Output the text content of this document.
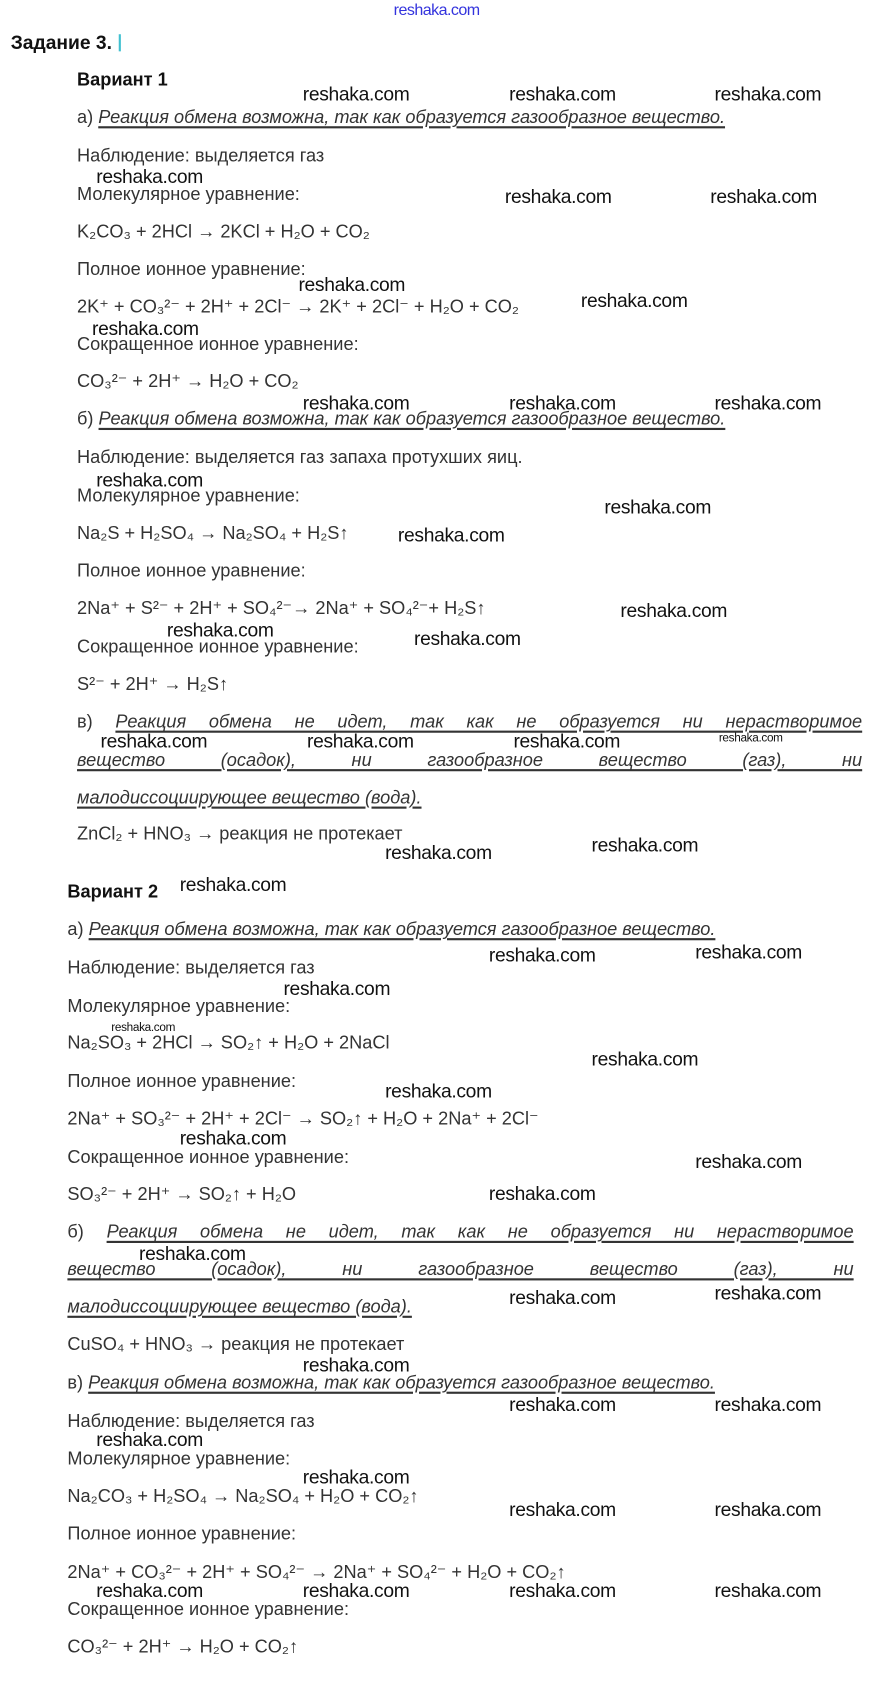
reshaka.com
Задание 3.
Вариант 1
а) Реакция обмена возможна, так как образуется газообразное вещество.
Наблюдение: выделяется газ
Молекулярное уравнение:
K₂CO₃ + 2HCl → 2KCl + H₂O + CO₂
Полное ионное уравнение:
2K⁺ + CO₃²⁻ + 2H⁺ + 2Cl⁻ → 2K⁺ + 2Cl⁻ + H₂O + CO₂
Сокращенное ионное уравнение:
CO₃²⁻ + 2H⁺ → H₂O + CO₂
б) Реакция обмена возможна, так как образуется газообразное вещество.
Наблюдение: выделяется газ запаха протухших яиц.
Молекулярное уравнение:
Na₂S + H₂SO₄ → Na₂SO₄ + H₂S↑
Полное ионное уравнение:
2Na⁺ + S²⁻ + 2H⁺ + SO₄²⁻→ 2Na⁺ + SO₄²⁻+ H₂S↑
Сокращенное ионное уравнение:
S²⁻ + 2H⁺ → H₂S↑
в) Реакция обмена не идет, так как не образуется ни нерастворимое
вещество (осадок), ни газообразное вещество (газ), ни
малодиссоциирующее вещество (вода).
ZnCl₂ + HNO₃ → реакция не протекает
Вариант 2
а) Реакция обмена возможна, так как образуется газообразное вещество.
Наблюдение: выделяется газ
Молекулярное уравнение:
Na₂SO₃ + 2HCl → SO₂↑ + H₂O + 2NaCl
Полное ионное уравнение:
2Na⁺ + SO₃²⁻ + 2H⁺ + 2Cl⁻ → SO₂↑ + H₂O + 2Na⁺ + 2Cl⁻
Сокращенное ионное уравнение:
SO₃²⁻ + 2H⁺ → SO₂↑ + H₂O
б) Реакция обмена не идет, так как не образуется ни нерастворимое
вещество (осадок), ни газообразное вещество (газ), ни
малодиссоциирующее вещество (вода).
CuSO₄ + HNO₃ → реакция не протекает
в) Реакция обмена возможна, так как образуется газообразное вещество.
Наблюдение: выделяется газ
Молекулярное уравнение:
Na₂CO₃ + H₂SO₄ → Na₂SO₄ + H₂O + CO₂↑
Полное ионное уравнение:
2Na⁺ + CO₃²⁻ + 2H⁺ + SO₄²⁻ → 2Na⁺ + SO₄²⁻ + H₂O + CO₂↑
Сокращенное ионное уравнение:
CO₃²⁻ + 2H⁺ → H₂O + CO₂↑
reshaka.com	reshaka.com	reshaka.com
reshaka.com
reshaka.com	reshaka.com
reshaka.com
reshaka.com
reshaka.com
reshaka.com	reshaka.com	reshaka.com
reshaka.com
reshaka.com
reshaka.com
reshaka.com
reshaka.com	reshaka.com
reshaka.com	reshaka.com	reshaka.com	reshaka.com
reshaka.com	reshaka.com
reshaka.com
reshaka.com	reshaka.com
reshaka.com
reshaka.com
reshaka.com
reshaka.com
reshaka.com
reshaka.com
reshaka.com
reshaka.com
reshaka.com	reshaka.com
reshaka.com
reshaka.com	reshaka.com
reshaka.com
reshaka.com
reshaka.com	reshaka.com
reshaka.com	reshaka.com	reshaka.com	reshaka.com
